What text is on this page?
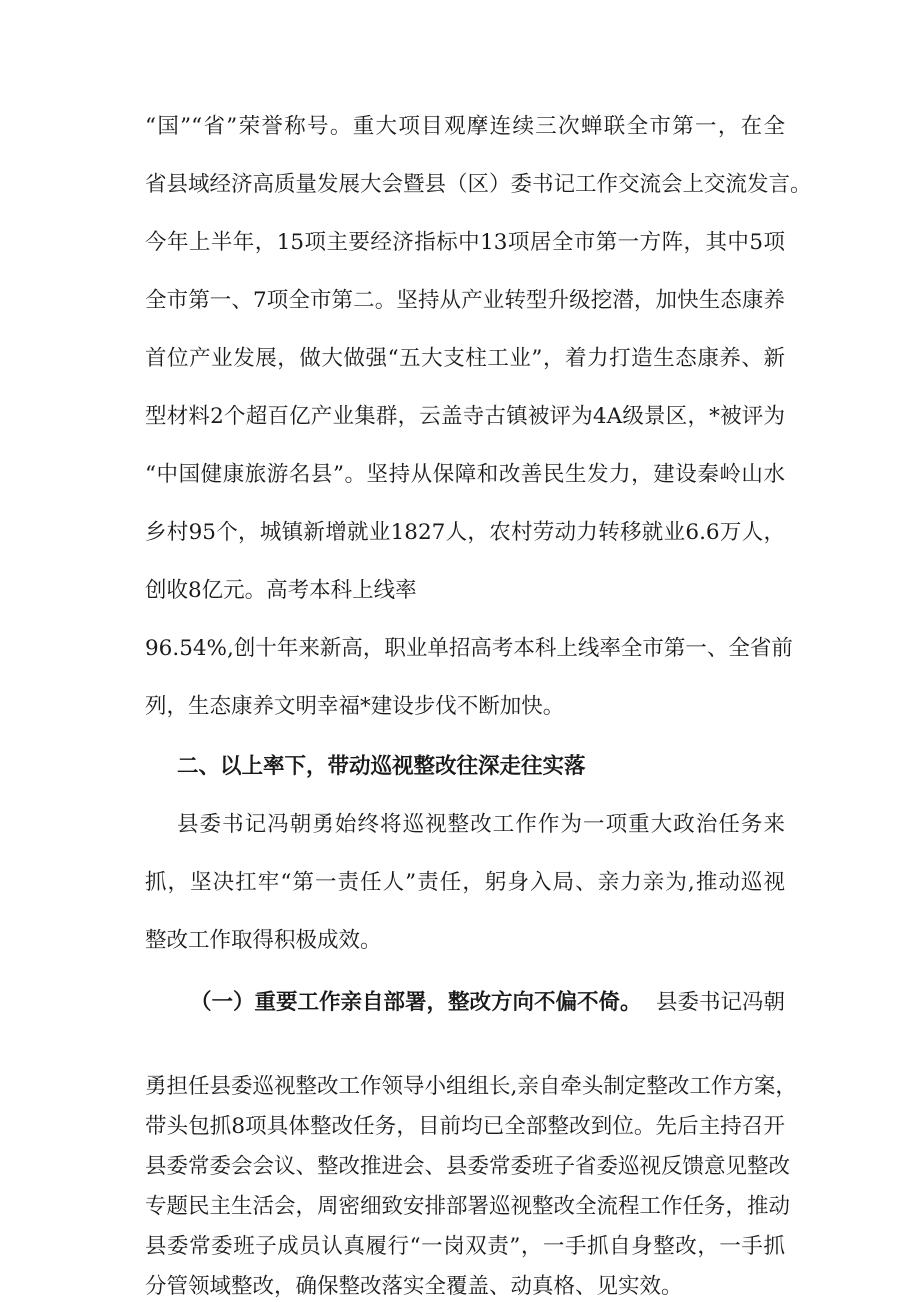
“国”“省”荣誉称号。重大项目观摩连续三次蝉联全市第一，在全
省县域经济高质量发展大会暨县（区）委书记工作交流会上交流发言。
今年上半年，15项主要经济指标中13项居全市第一方阵，其中5项
全市第一、7项全市第二。坚持从产业转型升级挖潜，加快生态康养
首位产业发展，做大做强“五大支柱工业”，着力打造生态康养、新
型材料2个超百亿产业集群，云盖寺古镇被评为4A级景区，*被评为
“中国健康旅游名县”。坚持从保障和改善民生发力，建设秦岭山水
乡村95个，城镇新增就业1827人，农村劳动力转移就业6.6万人，
创收8亿元。高考本科上线率
96.54%,创十年来新高，职业单招高考本科上线率全市第一、全省前
列，生态康养文明幸福*建设步伐不断加快。
二、以上率下，带动巡视整改往深走往实落
县委书记冯朝勇始终将巡视整改工作作为一项重大政治任务来
抓，坚决扛牢“第一责任人”责任，躬身入局、亲力亲为,推动巡视
整改工作取得积极成效。
（一）重要工作亲自部署，整改方向不偏不倚。 县委书记冯朝
勇担任县委巡视整改工作领导小组组长,亲自牵头制定整改工作方案，
带头包抓8项具体整改任务，目前均已全部整改到位。先后主持召开
县委常委会会议、整改推进会、县委常委班子省委巡视反馈意见整改
专题民主生活会，周密细致安排部署巡视整改全流程工作任务，推动
县委常委班子成员认真履行“一岗双责”，一手抓自身整改，一手抓
分管领域整改，确保整改落实全覆盖、动真格、见实效。
